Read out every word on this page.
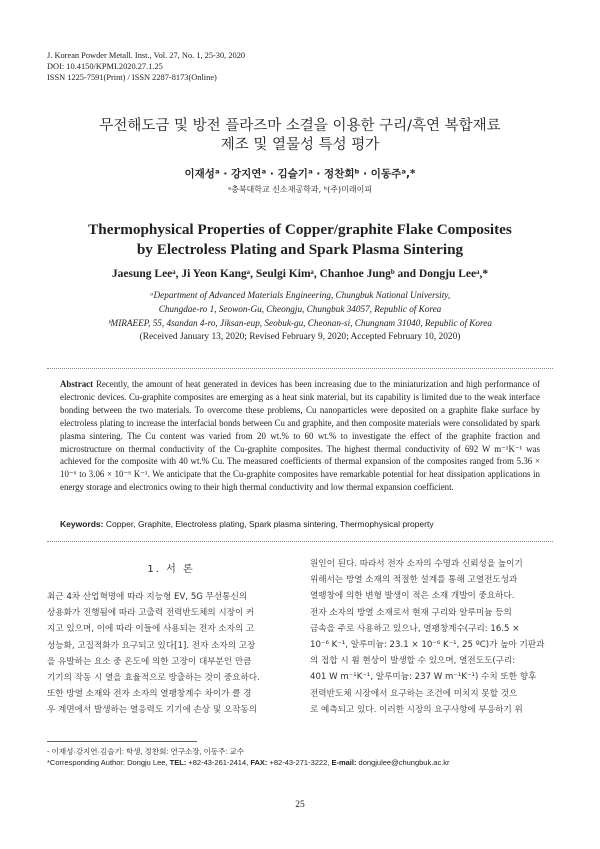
J. Korean Powder Metall. Inst., Vol. 27, No. 1, 25-30, 2020
DOI: 10.4150/KPMI.2020.27.1.25
ISSN 1225-7591(Print) / ISSN 2287-8173(Online)
무전해도금 및 방전 플라즈마 소결을 이용한 구리/흑연 복합재료
제조 및 열물성 특성 평가
이재성ᵃ · 강지연ᵃ · 김슬기ᵃ · 정찬회ᵇ · 이동주ᵃ,*
ᵃ충북대학교 신소재공학과, ᵇ(주)미래이피
Thermophysical Properties of Copper/graphite Flake Composites
by Electroless Plating and Spark Plasma Sintering
Jaesung Leeᵃ, Ji Yeon Kangᵃ, Seulgi Kimᵃ, Chanhoe Jungᵇ and Dongju Leeᵃ,*
ᵃDepartment of Advanced Materials Engineering, Chungbuk National University,
Chungdae-ro 1, Seowon-Gu, Cheongju, Chungbuk 34057, Republic of Korea
ᵇMIRAEEP, 55, 4sandan 4-ro, Jiksan-eup, Seobuk-gu, Cheonan-si, Chungnam 31040, Republic of Korea
(Received January 13, 2020; Revised February 9, 2020; Accepted February 10, 2020)
Abstract Recently, the amount of heat generated in devices has been increasing due to the miniaturization and high performance of electronic devices. Cu-graphite composites are emerging as a heat sink material, but its capability is limited due to the weak interface bonding between the two materials. To overcome these problems, Cu nanoparticles were deposited on a graphite flake surface by electroless plating to increase the interfacial bonds between Cu and graphite, and then composite materials were consolidated by spark plasma sintering. The Cu content was varied from 20 wt.% to 60 wt.% to investigate the effect of the graphite fraction and microstructure on thermal conductivity of the Cu-graphite composites. The highest thermal conductivity of 692 W m⁻¹K⁻¹ was achieved for the composite with 40 wt.% Cu. The measured coefficients of thermal expansion of the composites ranged from 5.36 × 10⁻⁶ to 3.06 × 10⁻⁶ K⁻¹. We anticipate that the Cu-graphite composites have remarkable potential for heat dissipation applications in energy storage and electronics owing to their high thermal conductivity and low thermal expansion coefficient.
Keywords: Copper, Graphite, Electroless plating, Spark plasma sintering, Thermophysical property
1. 서 론
최근 4차 산업혁명에 따라 지능형 EV, 5G 무선통신의
상용화가 진행됨에 따라 고출력 전력반도체의 시장이 커
지고 있으며, 이에 따라 이들에 사용되는 전자 소자의 고
성능화, 고집적화가 요구되고 있다[1]. 전자 소자의 고장
을 유발하는 요소 중 온도에 의한 고장이 대부분인 만큼
기기의 작동 시 열을 효율적으로 방출하는 것이 중요하다.
또한 방열 소재와 전자 소자의 열팽창계수 차이가 클 경
우 계면에서 발생하는 열응력도 기기에 손상 및 오작동의
원인이 된다. 따라서 전자 소자의 수명과 신뢰성을 높이기
위해서는 방열 소재의 적절한 설계를 통해 고열전도성과
열팽창에 의한 변형 발생이 적은 소재 개발이 중요하다.
전자 소자의 방열 소재로서 현재 구리와 알루미늄 등의
금속을 주로 사용하고 있으나, 열팽창계수(구리: 16.5 ×
10⁻⁶ K⁻¹, 알루미늄: 23.1 × 10⁻⁶ K⁻¹, 25 ºC)가 높아 기판과
의 접합 시 휨 현상이 발생할 수 있으며, 열전도도(구리:
401 W m⁻¹K⁻¹, 알루미늄: 237 W m⁻¹K⁻¹) 수치 또한 향후
전력반도체 시장에서 요구하는 조건에 미치지 못할 것으
로 예측되고 있다. 이러한 시장의 요구사항에 부응하기 위
- 이재성·강지연·김슬기: 학생, 정찬회: 연구소장, 이동주: 교수
*Corresponding Author: Dongju Lee, TEL: +82-43-261-2414, FAX: +82-43-271-3222, E-mail: dongjulee@chungbuk.ac.kr
25
